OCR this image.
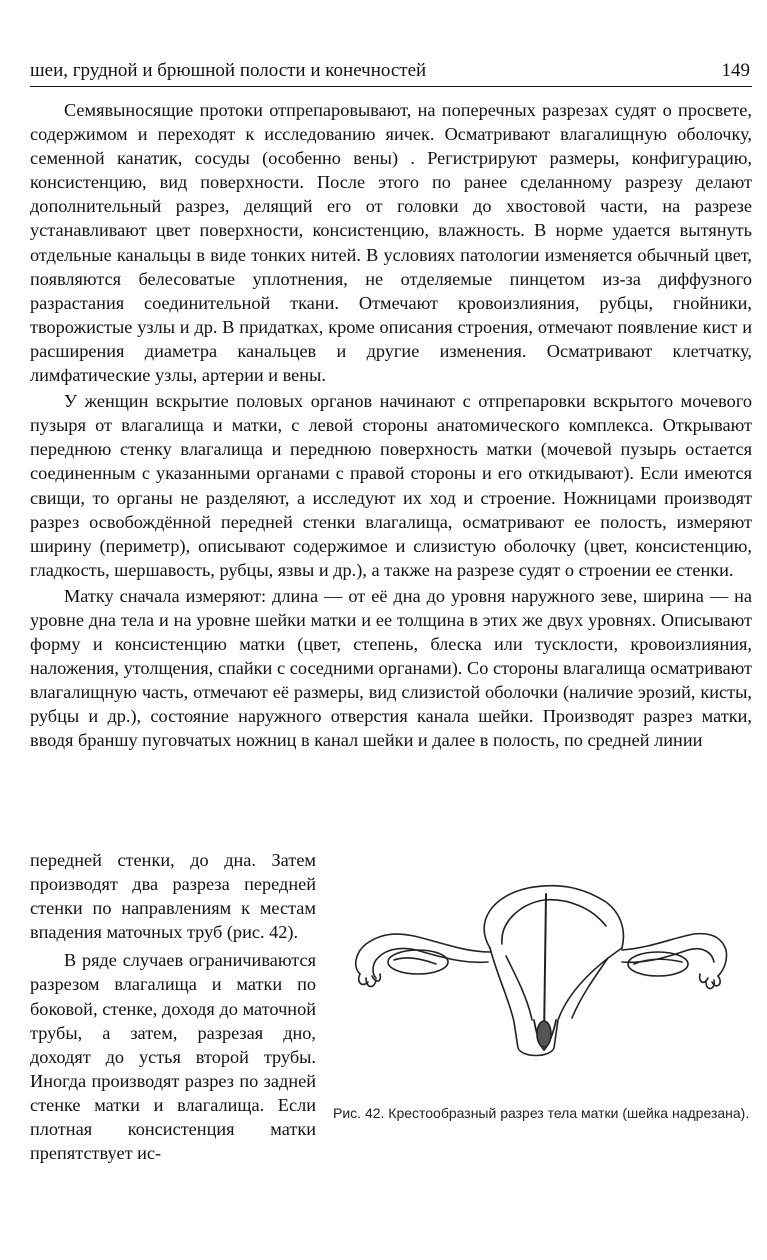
шеи, грудной и брюшной полости и конечностей	149

Семявыносящие протоки отпрепаровывают, на поперечных разрезах судят о просвете, содержимом и переходят к исследованию яичек. Осматривают влагалищную оболочку, семенной канатик, сосуды (особенно вены) . Регистрируют размеры, конфигурацию, консистенцию, вид поверхности. После этого по ранее сделанному разрезу делают дополнительный разрез, делящий его от головки до хвостовой части, на разрезе устанавливают цвет поверхности, консистенцию, влажность. В норме удается вытянуть отдельные канальцы в виде тонких нитей. В условиях патологии изменяется обычный цвет, появляются белесоватые уплотнения, не отделяемые пинцетом из-за диффузного разрастания соединительной ткани. Отмечают кровоизлияния, рубцы, гнойники, творожистые узлы и др. В придатках, кроме описания строения, отмечают появление кист и расширения диаметра канальцев и другие изменения. Осматривают клетчатку, лимфатические узлы, артерии и вены.

У женщин вскрытие половых органов начинают с отпрепаровки вскрытого мочевого пузыря от влагалища и матки, с левой стороны анатомического комплекса. Открывают переднюю стенку влагалища и переднюю поверхность матки (мочевой пузырь остается соединенным с указанными органами с правой стороны и его откидывают). Если имеются свищи, то органы не разделяют, а исследуют их ход и строение. Ножницами производят разрез освобождённой передней стенки влагалища, осматривают ее полость, измеряют ширину (периметр), описывают содержимое и слизистую оболочку (цвет, консистенцию, гладкость, шершавость, рубцы, язвы и др.), а также на разрезе судят о строении ее стенки.

Матку сначала измеряют: длина — от её дна до уровня наружного зеве, ширина — на уровне дна тела и на уровне шейки матки и ее толщина в этих же двух уровнях. Описывают форму и консистенцию матки (цвет, степень, блеска или тусклости, кровоизлияния, наложения, утолщения, спайки с соседними органами). Со стороны влагалища осматривают влагалищную часть, отмечают её размеры, вид слизистой оболочки (наличие эрозий, кисты, рубцы и др.), состояние наружного отверстия канала шейки. Производят разрез матки, вводя браншу пуговчатых ножниц в канал шейки и далее в полость, по средней линии

передней стенки, до дна. Затем производят два разреза передней стенки по направлениям к местам впадения маточных труб (рис. 42).

В ряде случаев ограничиваются разрезом влагалища и матки по боковой, стенке, доходя до маточной трубы, а затем, разрезая дно, доходят до устья второй трубы. Иногда производят разрез по задней стенке матки и влагалища. Если плотная консистенция матки препятствует ис-

Рис. 42. Крестообразный разрез тела матки (шейка надрезана).
